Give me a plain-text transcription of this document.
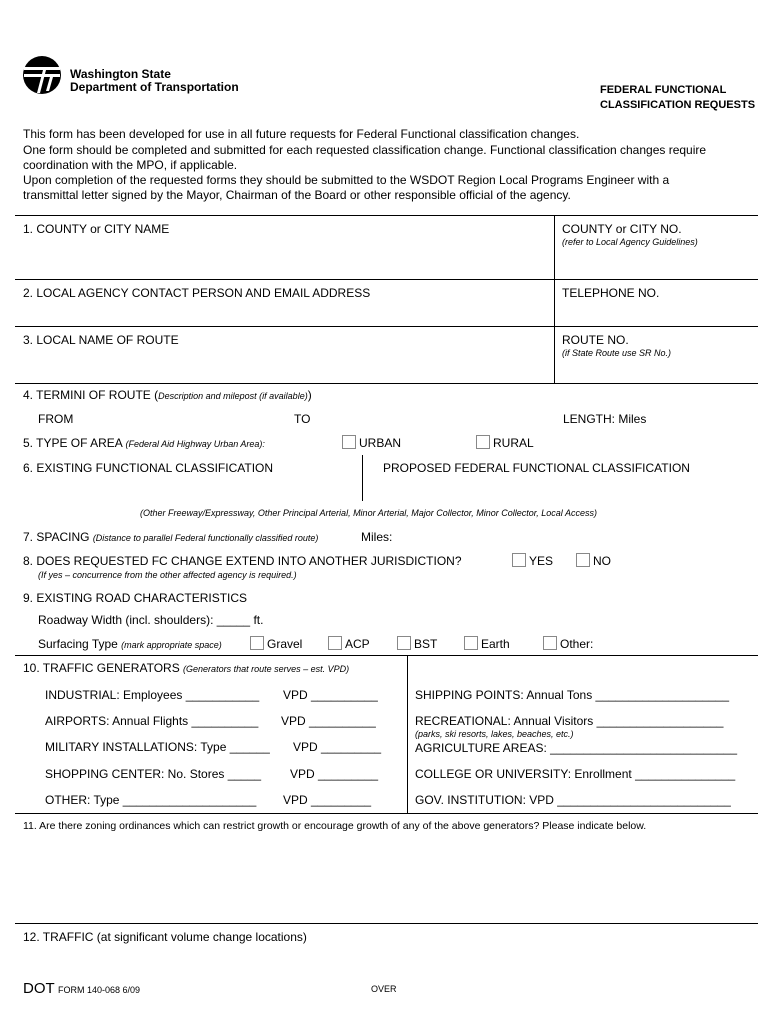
Washington State
Department of Transportation	FEDERAL FUNCTIONAL
CLASSIFICATION REQUESTS
This form has been developed for use in all future requests for Federal Functional classification changes.
One form should be completed and submitted for each requested classification change. Functional classification changes require
coordination with the MPO, if applicable.
Upon completion of the requested forms they should be submitted to the WSDOT Region Local Programs Engineer with a
transmittal letter signed by the Mayor, Chairman of the Board or other responsible official of the agency.
1. COUNTY or CITY NAME	COUNTY or CITY NO.
(refer to Local Agency Guidelines)
2. LOCAL AGENCY CONTACT PERSON AND EMAIL ADDRESS	TELEPHONE NO.
3. LOCAL NAME OF ROUTE	ROUTE NO.
(if State Route use SR No.)
4. TERMINI OF ROUTE (Description and milepost (if available))
FROM	TO	LENGTH: Miles
5. TYPE OF AREA (Federal Aid Highway Urban Area):	URBAN	RURAL
6. EXISTING FUNCTIONAL CLASSIFICATION	PROPOSED FEDERAL FUNCTIONAL CLASSIFICATION
(Other Freeway/Expressway, Other Principal Arterial, Minor Arterial, Major Collector, Minor Collector, Local Access)
7. SPACING (Distance to parallel Federal functionally classified route)	Miles:
8. DOES REQUESTED FC CHANGE EXTEND INTO ANOTHER JURISDICTION?	YES	NO
(If yes – concurrence from the other affected agency is required.)
9. EXISTING ROAD CHARACTERISTICS
Roadway Width (incl. shoulders): _____ ft.
Surfacing Type (mark appropriate space)	Gravel	ACP	BST	Earth	Other:
10. TRAFFIC GENERATORS (Generators that route serves – est. VPD)
INDUSTRIAL: Employees ___________ VPD __________
AIRPORTS: Annual Flights __________ VPD __________
MILITARY INSTALLATIONS: Type ______ VPD _________
SHOPPING CENTER: No. Stores _____ VPD _________
OTHER: Type ____________________ VPD _________
SHIPPING POINTS: Annual Tons ____________________
RECREATIONAL: Annual Visitors ___________________
(parks, ski resorts, lakes, beaches, etc.)
AGRICULTURE AREAS: ____________________________
COLLEGE OR UNIVERSITY: Enrollment _______________
GOV. INSTITUTION: VPD __________________________
11. Are there zoning ordinances which can restrict growth or encourage growth of any of the above generators? Please indicate below.
12. TRAFFIC (at significant volume change locations)
DOT FORM 140-068 6/09	OVER
